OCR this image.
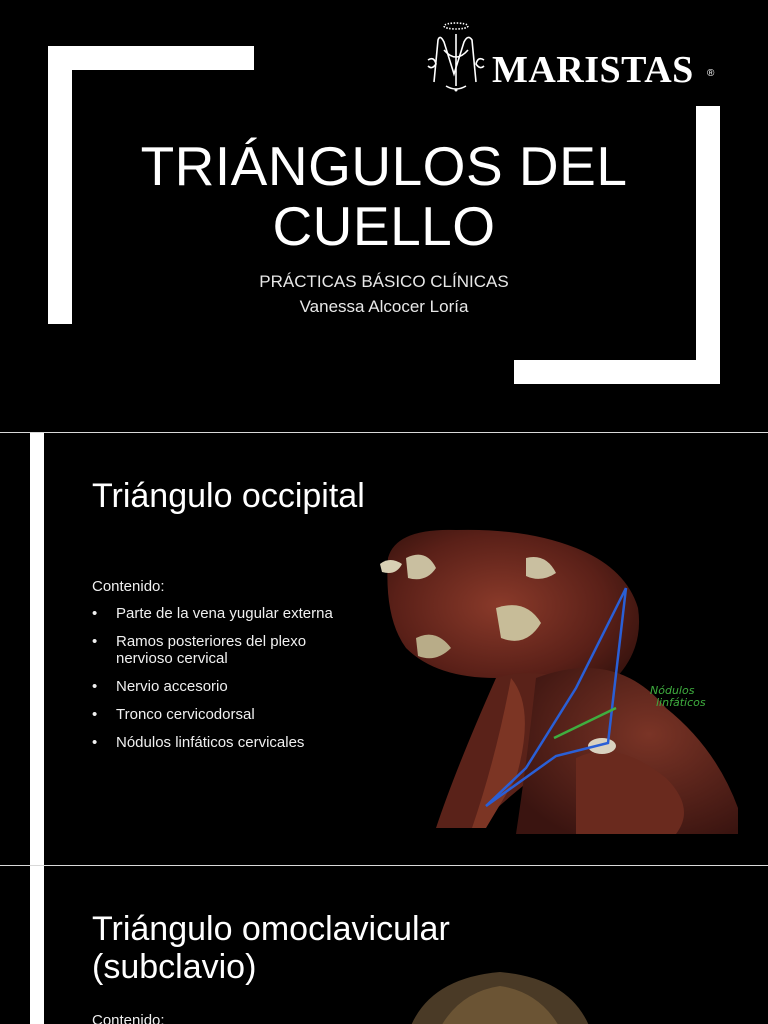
MARISTAS ®
TRIÁNGULOS DEL
CUELLO
PRÁCTICAS BÁSICO CLÍNICAS
Vanessa Alcocer Loría
Triángulo occipital
Contenido:
• Parte de la vena yugular externa
• Ramos posteriores del plexo nervioso cervical
• Nervio accesorio
• Tronco cervicodorsal
• Nódulos linfáticos cervicales
Nódulos
linfáticos
Triángulo omoclavicular
(subclavio)
Contenido:
